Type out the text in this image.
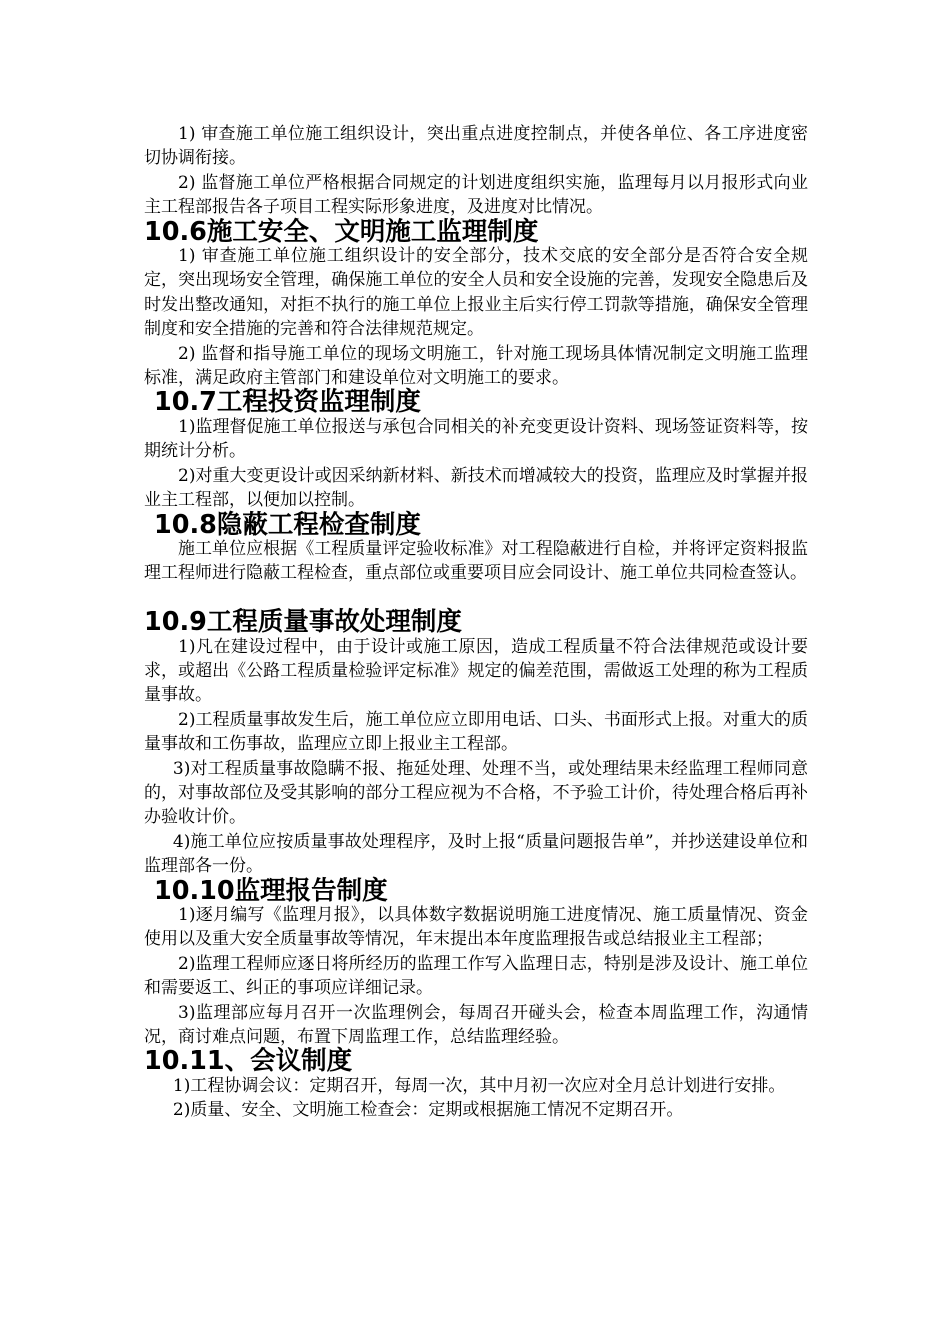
1) 审查施工单位施工组织设计，突出重点进度控制点，并使各单位、各工序进度密切协调衔接。

2) 监督施工单位严格根据合同规定的计划进度组织实施，监理每月以月报形式向业主工程部报告各子项目工程实际形象进度，及进度对比情况。

10.6施工安全、文明施工监理制度

1) 审查施工单位施工组织设计的安全部分，技术交底的安全部分是否符合安全规定，突出现场安全管理，确保施工单位的安全人员和安全设施的完善，发现安全隐患后及时发出整改通知，对拒不执行的施工单位上报业主后实行停工罚款等措施，确保安全管理制度和安全措施的完善和符合法律规范规定。

2) 监督和指导施工单位的现场文明施工，针对施工现场具体情况制定文明施工监理标准，满足政府主管部门和建设单位对文明施工的要求。

10.7工程投资监理制度

1)监理督促施工单位报送与承包合同相关的补充变更设计资料、现场签证资料等，按期统计分析。

2)对重大变更设计或因采纳新材料、新技术而增减较大的投资，监理应及时掌握并报业主工程部，以便加以控制。

10.8隐蔽工程检查制度

施工单位应根据《工程质量评定验收标准》对工程隐蔽进行自检，并将评定资料报监理工程师进行隐蔽工程检查，重点部位或重要项目应会同设计、施工单位共同检查签认。

10.9工程质量事故处理制度

1)凡在建设过程中，由于设计或施工原因，造成工程质量不符合法律规范或设计要求，或超出《公路工程质量检验评定标准》规定的偏差范围，需做返工处理的称为工程质量事故。

2)工程质量事故发生后，施工单位应立即用电话、口头、书面形式上报。对重大的质量事故和工伤事故，监理应立即上报业主工程部。

3)对工程质量事故隐瞒不报、拖延处理、处理不当，或处理结果未经监理工程师同意的，对事故部位及受其影响的部分工程应视为不合格，不予验工计价，待处理合格后再补办验收计价。

4)施工单位应按质量事故处理程序，及时上报“质量问题报告单”，并抄送建设单位和监理部各一份。

10.10监理报告制度

1)逐月编写《监理月报》，以具体数字数据说明施工进度情况、施工质量情况、资金使用以及重大安全质量事故等情况，年末提出本年度监理报告或总结报业主工程部；

2)监理工程师应逐日将所经历的监理工作写入监理日志，特别是涉及设计、施工单位和需要返工、纠正的事项应详细记录。

3)监理部应每月召开一次监理例会，每周召开碰头会，检查本周监理工作，沟通情况，商讨难点问题，布置下周监理工作，总结监理经验。

10.11、会议制度

1)工程协调会议：定期召开，每周一次，其中月初一次应对全月总计划进行安排。

2)质量、安全、文明施工检查会：定期或根据施工情况不定期召开。
